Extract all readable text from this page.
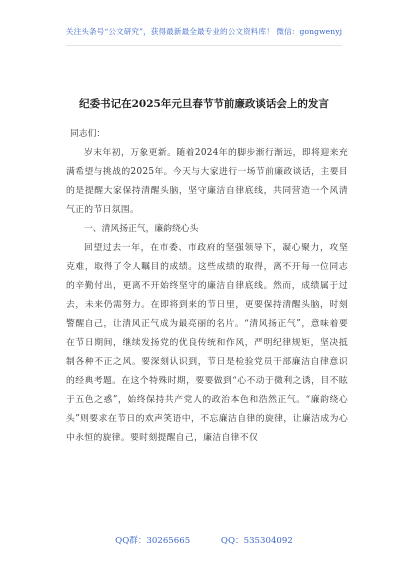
关注头条号“公文研究”，获得最新最全最专业的公文资料库！ 微信：gongwenyj
纪委书记在2025年元旦春节节前廉政谈话会上的发言
同志们：

岁末年初，万象更新。随着2024年的脚步渐行渐远，即将迎来充满希望与挑战的2025年。今天与大家进行一场节前廉政谈话，主要目的是提醒大家保持清醒头脑，坚守廉洁自律底线，共同营造一个风清气正的节日氛围。

一、清风扬正气，廉韵绕心头

回望过去一年，在市委、市政府的坚强领导下，凝心聚力，攻坚克难，取得了令人瞩目的成绩。这些成绩的取得，离不开每一位同志的辛勤付出，更离不开始终坚守的廉洁自律底线。然而，成绩属于过去，未来仍需努力。在即将到来的节日里，更要保持清醒头脑，时刻警醒自己，让清风正气成为最亮丽的名片。“清风扬正气”，意味着要在节日期间，继续发扬党的优良传统和作风，严明纪律规矩，坚决抵制各种不正之风。要深刻认识到，节日是检验党员干部廉洁自律意识的经典考题。在这个特殊时期，要要做到“心不动于微利之诱，目不眩于五色之惑”，始终保持共产党人的政治本色和浩然正气。“廉韵绕心头”则要求在节日的欢声笑语中，不忘廉洁自律的旋律，让廉洁成为心中永恒的旋律。要时刻提醒自己，廉洁自律不仅

QQ群：30265665	QQ：535304092
